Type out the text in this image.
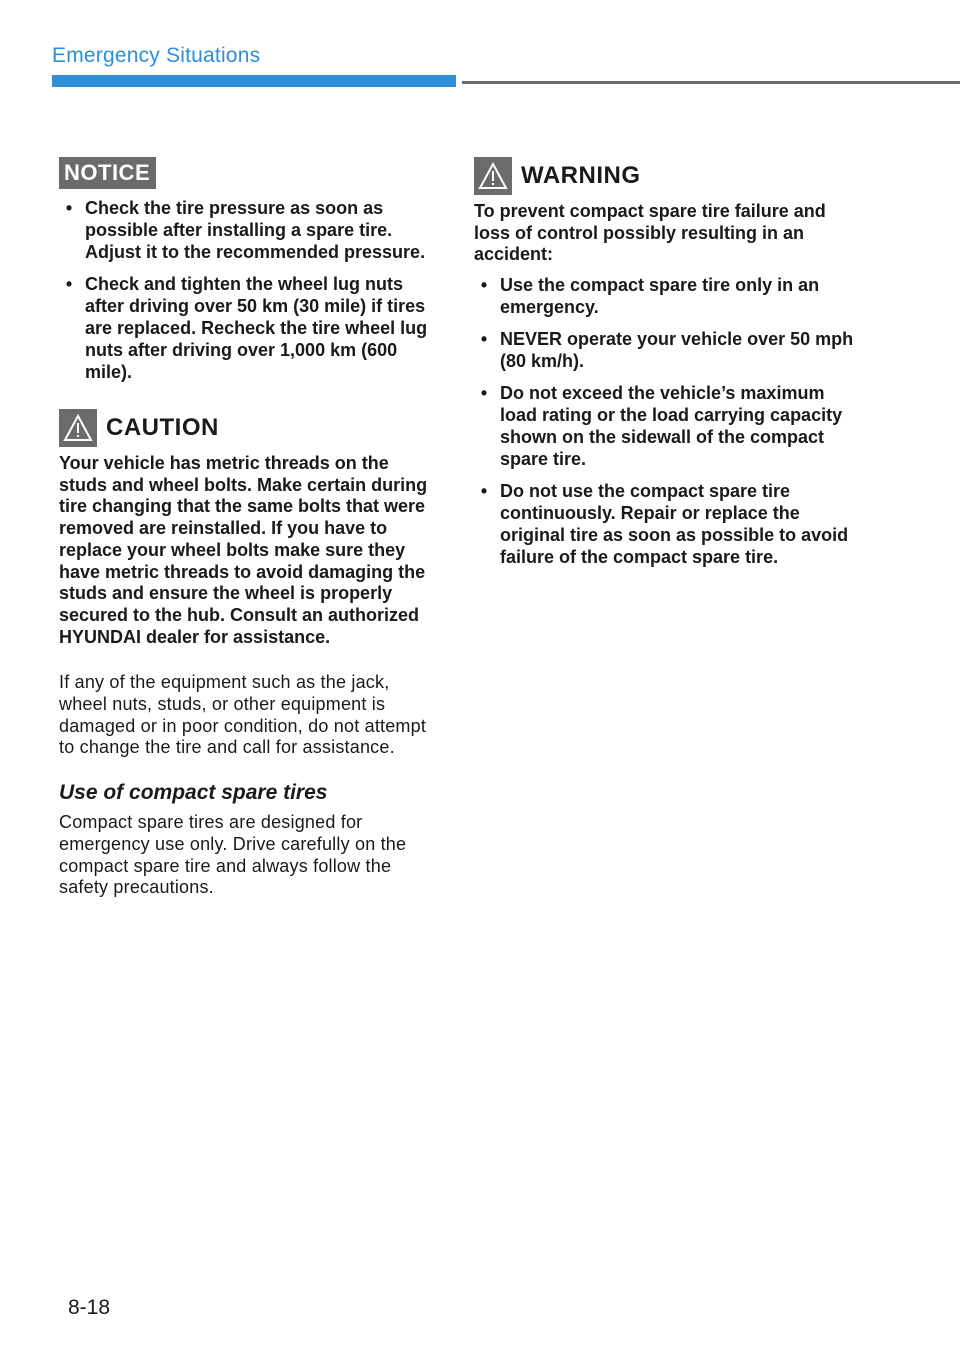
Emergency Situations
NOTICE
• Check the tire pressure as soon as possible after installing a spare tire. Adjust it to the recommended pressure.
• Check and tighten the wheel lug nuts after driving over 50 km (30 mile) if tires are replaced. Recheck the tire wheel lug nuts after driving over 1,000 km (600 mile).
CAUTION

Your vehicle has metric threads on the studs and wheel bolts. Make certain during tire changing that the same bolts that were removed are reinstalled. If you have to replace your wheel bolts make sure they have metric threads to avoid damaging the studs and ensure the wheel is properly secured to the hub. Consult an authorized HYUNDAI dealer for assistance.

If any of the equipment such as the jack, wheel nuts, studs, or other equipment is damaged or in poor condition, do not attempt to change the tire and call for assistance.

Use of compact spare tires

Compact spare tires are designed for emergency use only. Drive carefully on the compact spare tire and always follow the safety precautions.

WARNING

To prevent compact spare tire failure and loss of control possibly resulting in an accident:

• Use the compact spare tire only in an emergency.
• NEVER operate your vehicle over 50 mph (80 km/h).
• Do not exceed the vehicle’s maximum load rating or the load carrying capacity shown on the sidewall of the compact spare tire.
• Do not use the compact spare tire continuously. Repair or replace the original tire as soon as possible to avoid failure of the compact spare tire.
8-18
